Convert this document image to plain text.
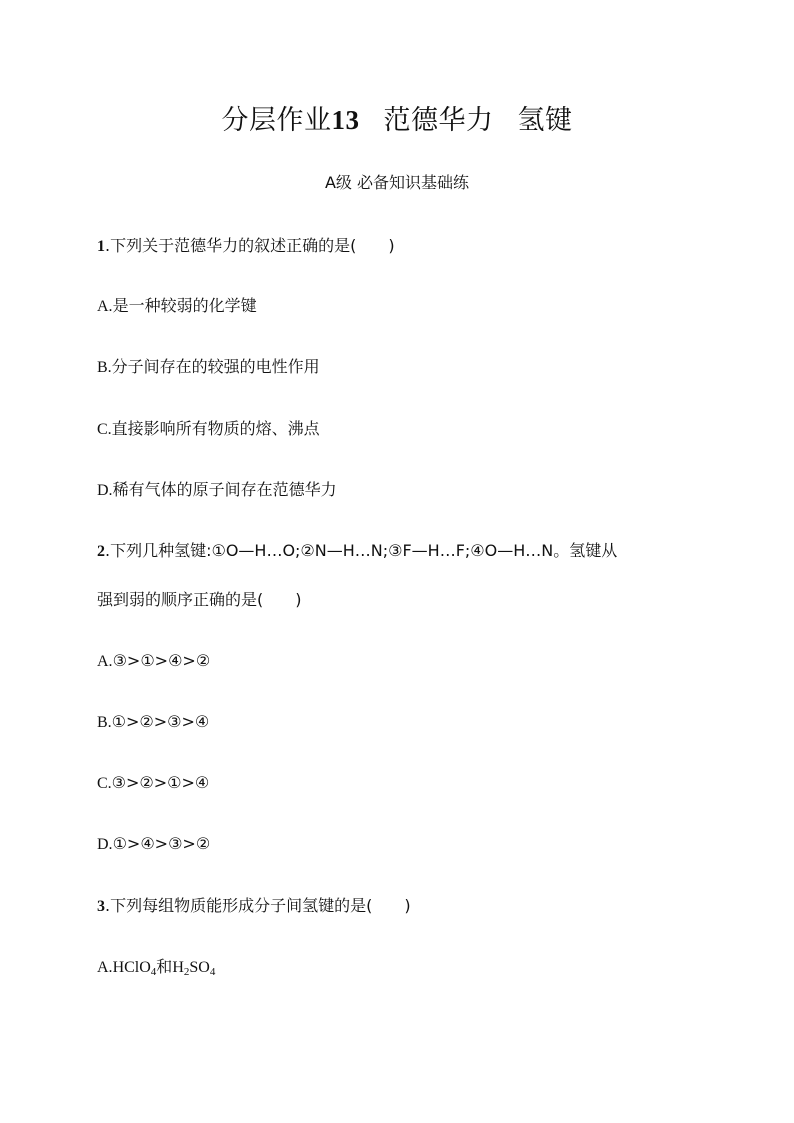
分层作业13 范德华力 氢键
A级 必备知识基础练
1.下列关于范德华力的叙述正确的是(　　)
A.是一种较弱的化学键
B.分子间存在的较强的电性作用
C.直接影响所有物质的熔、沸点
D.稀有气体的原子间存在范德华力
2.下列几种氢键:①O—H…O;②N—H…N;③F—H…F;④O—H…N。氢键从
强到弱的顺序正确的是(　　)
A.③>①>④>②
B.①>②>③>④
C.③>②>①>④
D.①>④>③>②
3.下列每组物质能形成分子间氢键的是(　　)
A.HClO$_4$和$H_2SO_4$
